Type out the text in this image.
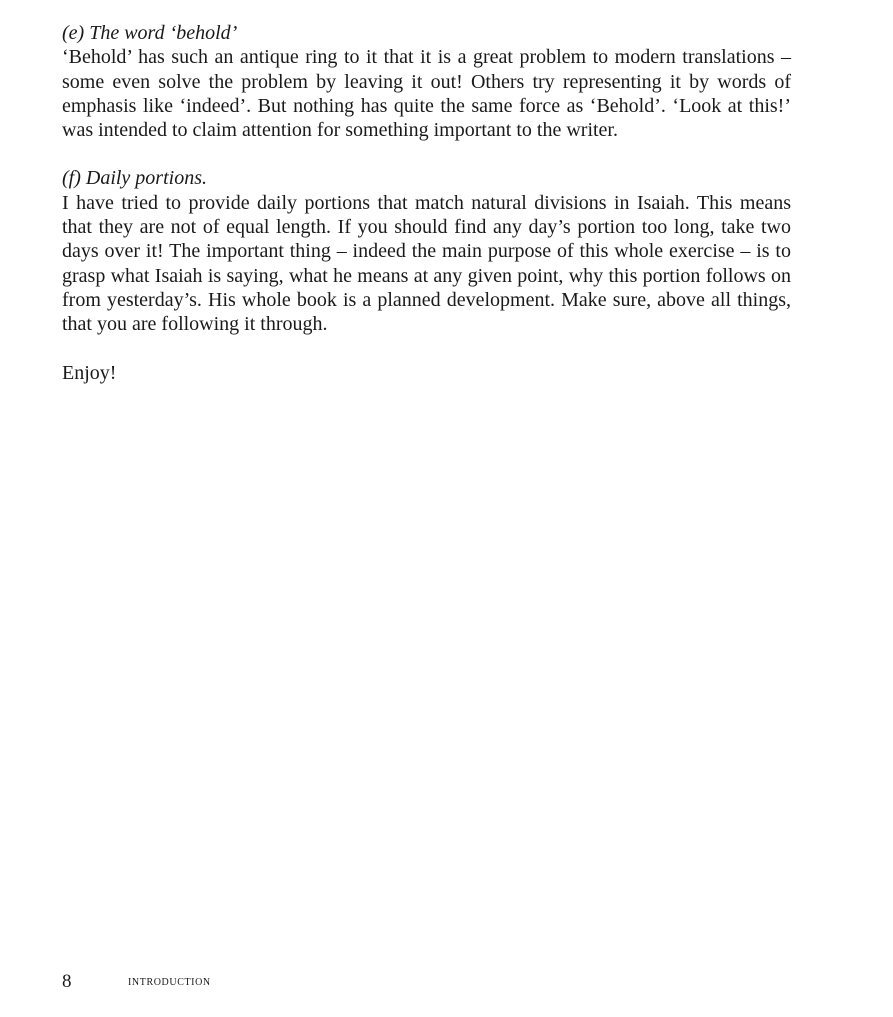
(e) The word ‘behold’

‘Behold’ has such an antique ring to it that it is a great problem to modern translations – some even solve the problem by leaving it out! Others try representing it by words of emphasis like ‘indeed’. But nothing has quite the same force as ‘Behold’. ‘Look at this!’ was intended to claim attention for something important to the writer.

(f) Daily portions.

I have tried to provide daily portions that match natural divisions in Isaiah. This means that they are not of equal length. If you should find any day’s portion too long, take two days over it! The important thing – indeed the main purpose of this whole exercise – is to grasp what Isaiah is saying, what he means at any given point, why this portion follows on from yesterday’s. His whole book is a planned development. Make sure, above all things, that you are following it through.

Enjoy!

8	introduction
